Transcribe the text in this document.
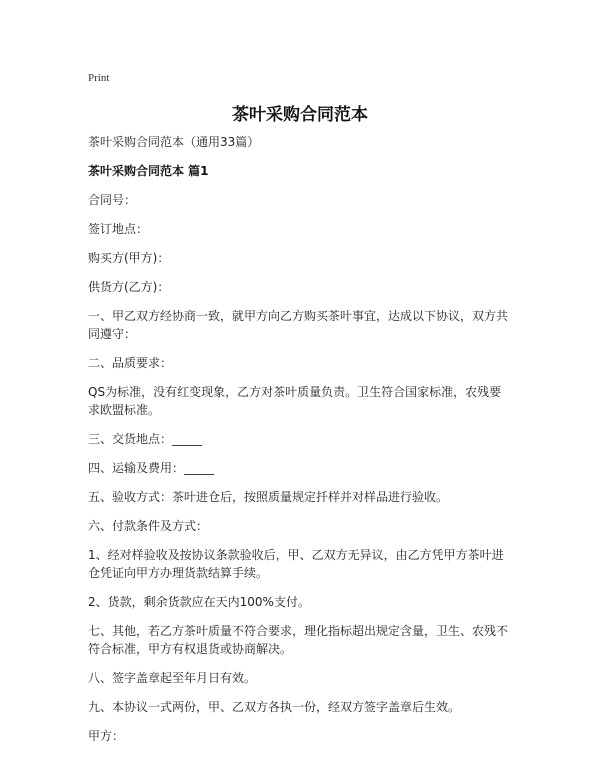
Print
茶叶采购合同范本

茶叶采购合同范本（通用33篇）

茶叶采购合同范本 篇1

合同号：

签订地点：

购买方(甲方)：

供货方(乙方)：

一、甲乙双方经协商一致，就甲方向乙方购买茶叶事宜，达成以下协议，双方共同遵守：

二、品质要求：

QS为标准，没有红变现象，乙方对茶叶质量负责。卫生符合国家标准，农残要求欧盟标准。

三、交货地点：_____

四、运输及费用：_____

五、验收方式：茶叶进仓后，按照质量规定扦样并对样品进行验收。

六、付款条件及方式：

1、经对样验收及按协议条款验收后，甲、乙双方无异议，由乙方凭甲方茶叶进仓凭证向甲方办理货款结算手续。

2、货款，剩余货款应在天内100%支付。

七、其他，若乙方茶叶质量不符合要求，理化指标超出规定含量，卫生、农残不符合标准，甲方有权退货或协商解决。

八、签字盖章起至年月日有效。

九、本协议一式两份，甲、乙双方各执一份，经双方签字盖章后生效。

甲方：
